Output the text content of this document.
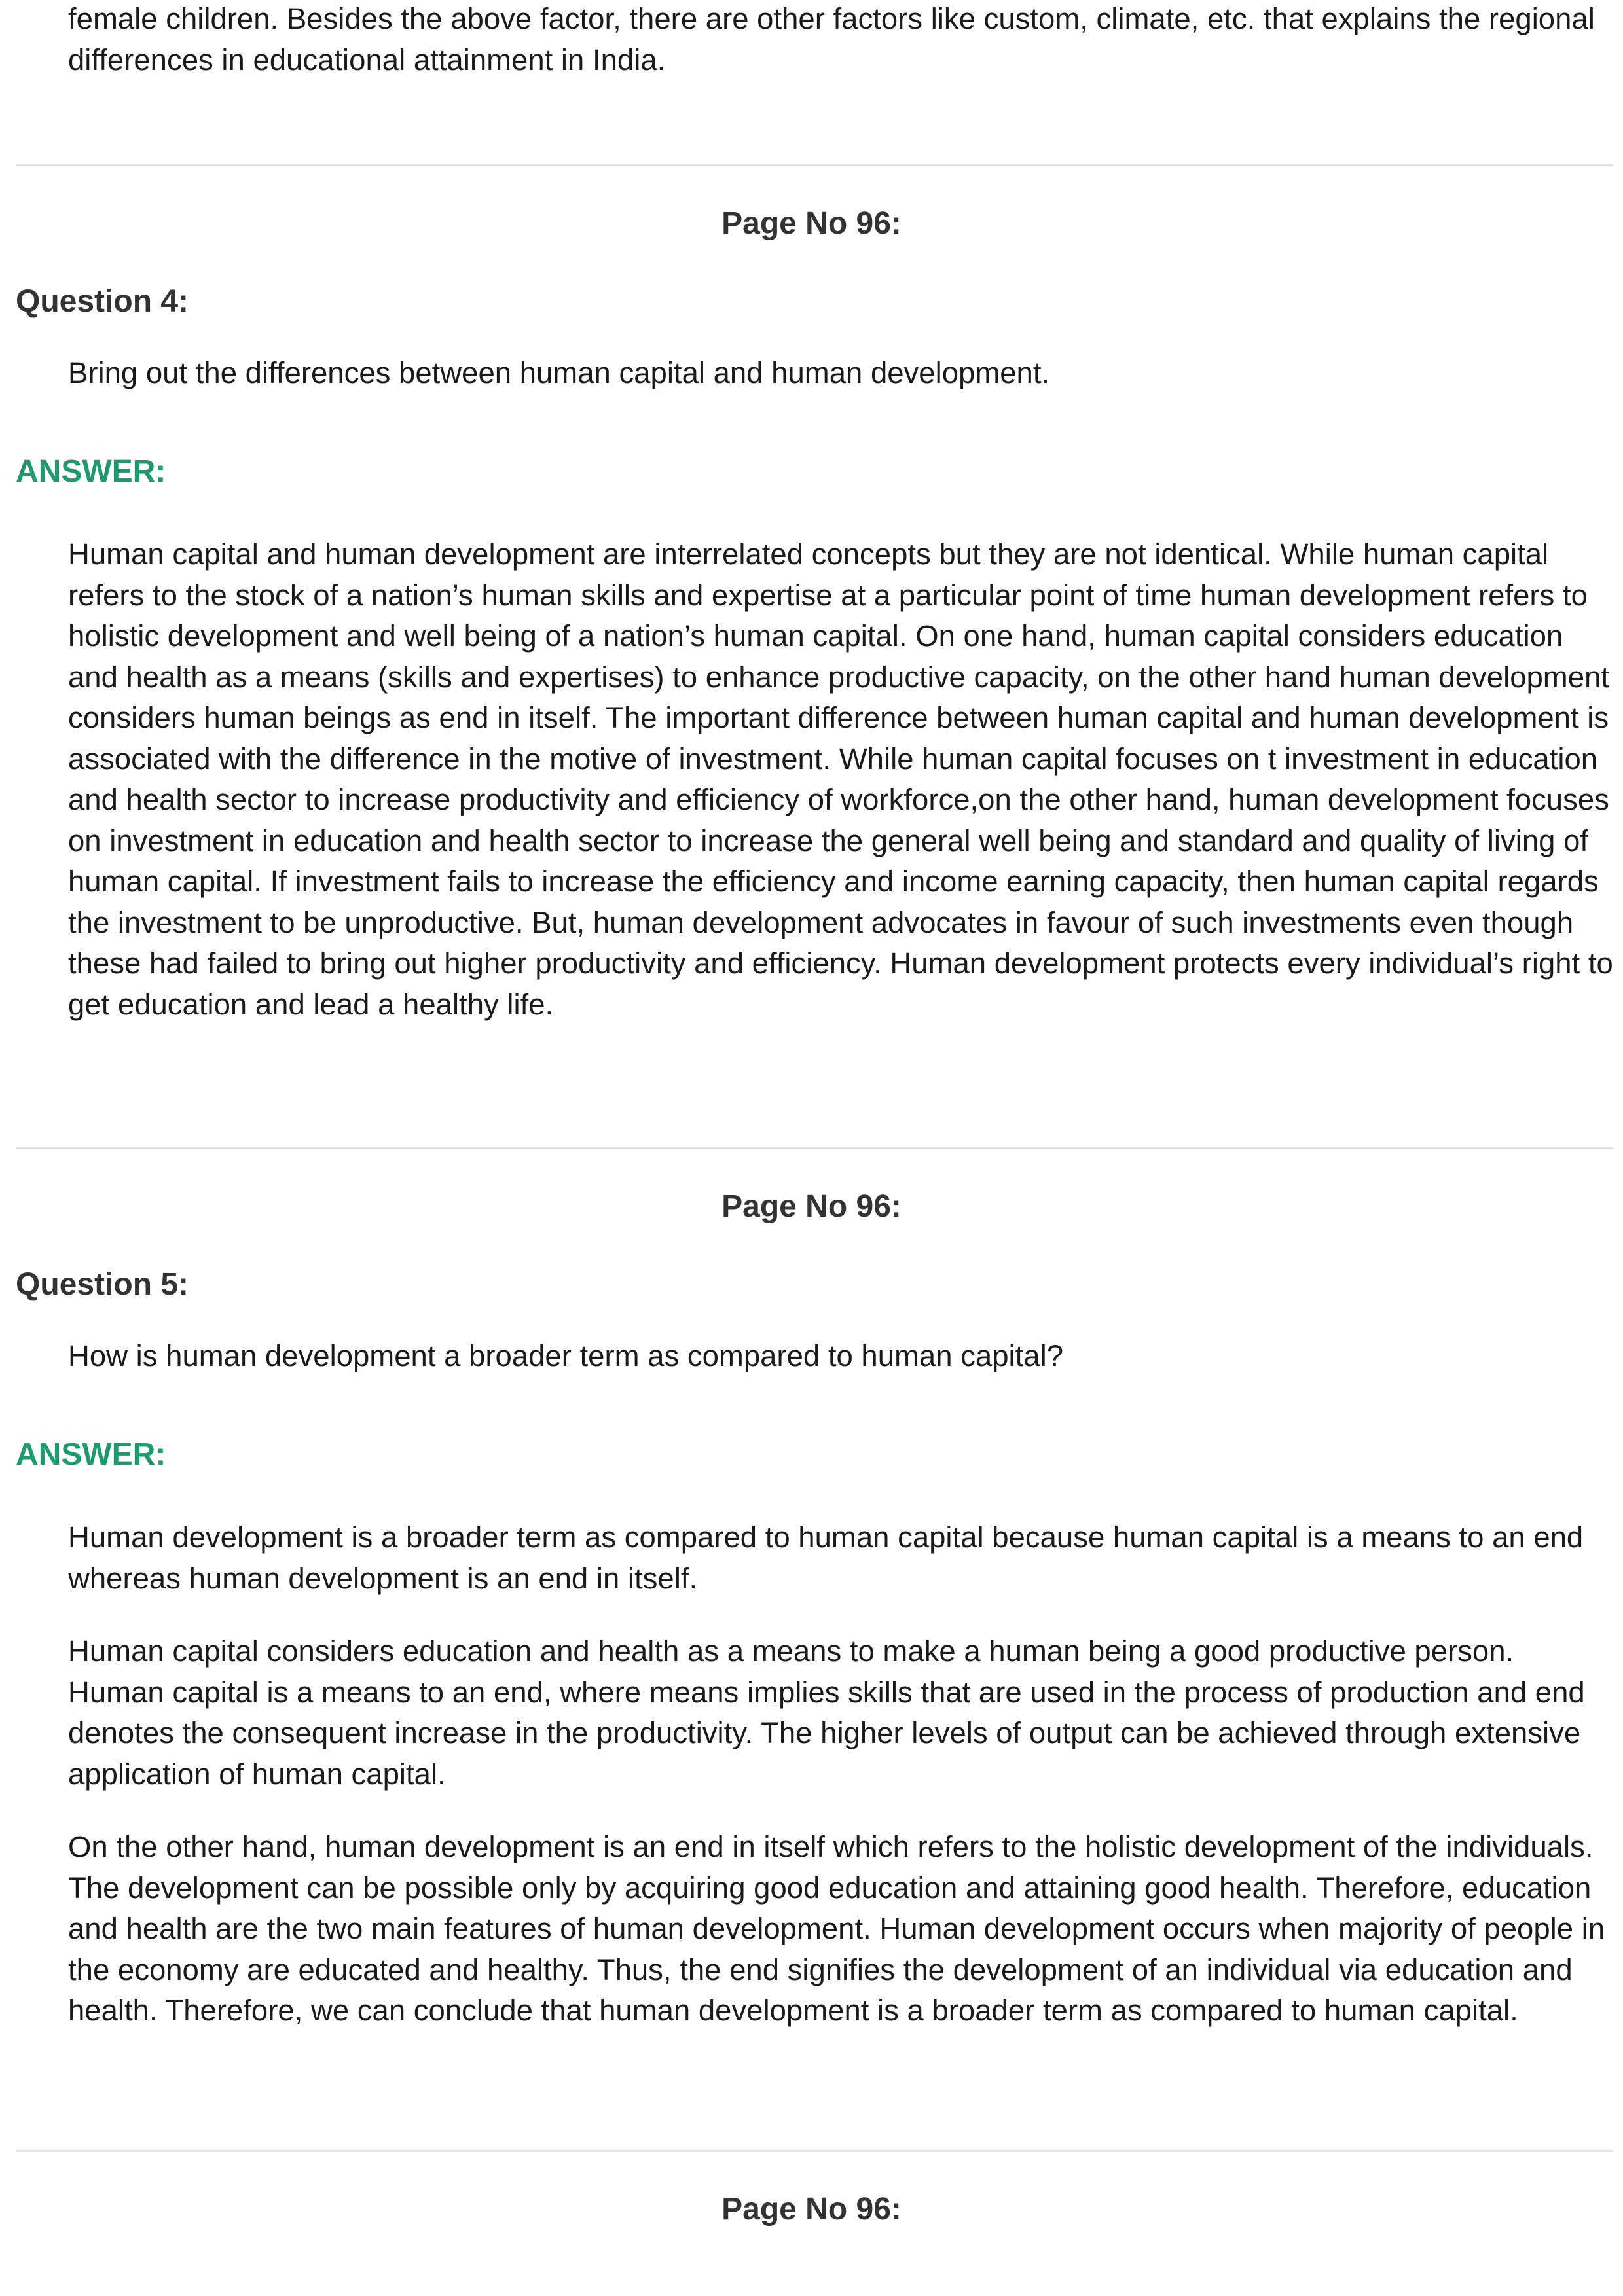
female children. Besides the above factor, there are other factors like custom, climate, etc. that explains the regional differences in educational attainment in India.

Page No 96:
Question 4:

Bring out the differences between human capital and human development.

ANSWER:

Human capital and human development are interrelated concepts but they are not identical. While human capital refers to the stock of a nation’s human skills and expertise at a particular point of time human development refers to holistic development and well being of a nation’s human capital. On one hand, human capital considers education and health as a means (skills and expertises) to enhance productive capacity, on the other hand human development considers human beings as end in itself. The important difference between human capital and human development is associated with the difference in the motive of investment. While human capital focuses on t investment in education and health sector to increase productivity and efficiency of workforce,on the other hand, human development focuses on investment in education and health sector to increase the general well being and standard and quality of living of human capital. If investment fails to increase the efficiency and income earning capacity, then human capital regards the investment to be unproductive. But, human development advocates in favour of such investments even though these had failed to bring out higher productivity and efficiency. Human development protects every individual’s right to get education and lead a healthy life.

Page No 96:
Question 5:

How is human development a broader term as compared to human capital?

ANSWER:

Human development is a broader term as compared to human capital because human capital is a means to an end whereas human development is an end in itself.

Human capital considers education and health as a means to make a human being a good productive person. Human capital is a means to an end, where means implies skills that are used in the process of production and end denotes the consequent increase in the productivity. The higher levels of output can be achieved through extensive application of human capital.

On the other hand, human development is an end in itself which refers to the holistic development of the individuals. The development can be possible only by acquiring good education and attaining good health. Therefore, education and health are the two main features of human development. Human development occurs when majority of people in the economy are educated and healthy. Thus, the end signifies the development of an individual via education and health. Therefore, we can conclude that human development is a broader term as compared to human capital.

Page No 96:
